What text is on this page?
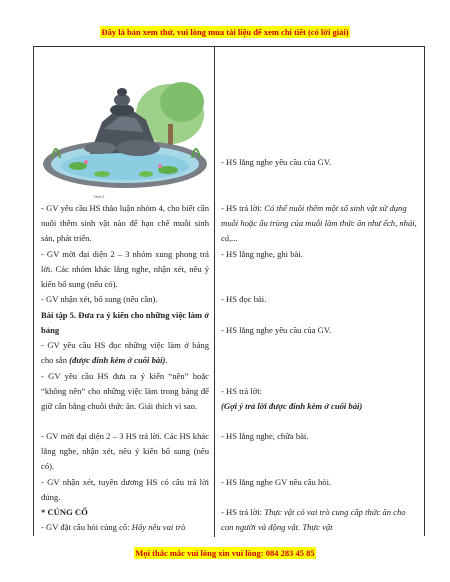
Đây là bản xem thử, vui lòng mua tài liệu để xem chi tiết (có lời giải)
Hình 2
- GV yêu cầu HS thảo luận nhóm 4, cho biết cần nuôi thêm sinh vật nào để hạn chế muỗi sinh sản, phát triển.
- GV mời đại diện 2 – 3 nhóm xung phong trả lời. Các nhóm khác lắng nghe, nhận xét, nêu ý kiến bổ sung (nếu có).
- GV nhận xét, bổ sung (nếu cần).
Bài tập 5. Đưa ra ý kiến cho những việc làm ở bảng
- GV yêu cầu HS đọc những việc làm ở bảng cho sẵn (được đính kèm ở cuối bài).
- GV yêu cầu HS đưa ra ý kiến “nên” hoặc “không nên” cho những việc làm trong bảng để giữ cân bằng chuỗi thức ăn. Giải thích vì sao.
- GV mời đại diện 2 – 3 HS trả lời. Các HS khác lắng nghe, nhận xét, nêu ý kiến bổ sung (nếu có).
- GV nhận xét, tuyên dương HS có câu trả lời đúng.
* CỦNG CỐ
- GV đặt câu hỏi củng cố: Hãy nêu vai trò
- HS lắng nghe yêu cầu của GV.
- HS trả lời: Có thể nuôi thêm một số sinh vật sử dụng muỗi hoặc ấu trùng của muỗi làm thức ăn như ếch, nhái, cá,...
- HS lắng nghe, ghi bài.
- HS đọc bài.
- HS lắng nghe yêu cầu của GV.
- HS trả lời:
(Gợi ý trả lời được đính kèm ở cuối bài)
- HS lắng nghe, chữa bài.
- HS lắng nghe GV nêu câu hỏi.
- HS trả lời: Thực vật có vai trò cung cấp thức ăn cho con người và động vật. Thực vật
Mọi thắc mắc vui lòng xin vui lòng: 084 283 45 85
